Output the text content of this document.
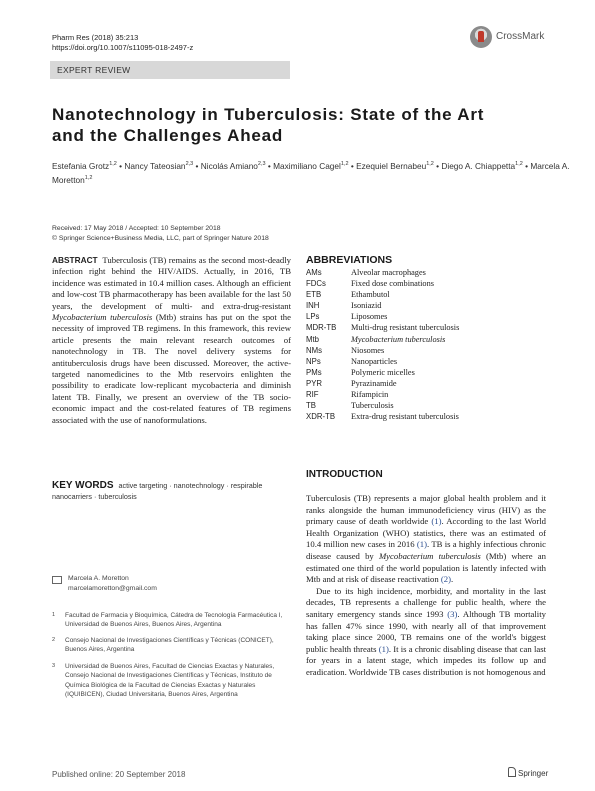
Pharm Res (2018) 35:213
https://doi.org/10.1007/s11095-018-2497-z
CrossMark
EXPERT REVIEW
Nanotechnology in Tuberculosis: State of the Art
and the Challenges Ahead
Estefania Grotz$^{1,2}$ • Nancy Tateosian$^{2,3}$ • Nicolás Amiano$^{2,3}$ • Maximiliano Cagel$^{1,2}$ • Ezequiel Bernabeu$^{1,2}$ • Diego A. Chiappetta$^{1,2}$ • Marcela A. Moretton$^{1,2}$
Received: 17 May 2018 / Accepted: 10 September 2018
© Springer Science+Business Media, LLC, part of Springer Nature 2018
ABSTRACT Tuberculosis (TB) remains as the second most-deadly infection right behind the HIV/AIDS. Actually, in 2016, TB incidence was estimated in 10.4 million cases. Although an efficient and low-cost TB pharmacotherapy has been available for the last 50 years, the development of multi- and extra-drug-resistant Mycobacterium tuberculosis (Mtb) strains has put on the spot the necessity of improved TB regimens. In this framework, this review article presents the main relevant research outcomes of nanotechnology in TB. The novel delivery systems for antituberculosis drugs have been discussed. Moreover, the active-targeted nanomedicines to the Mtb reservoirs enlighten the possibility to eradicate low-replicant mycobacteria and diminish latent TB. Finally, we present an overview of the TB socio-economic impact and the cost-related features of TB regimens associated with the use of nanoformulations.
KEY WORDS active targeting · nanotechnology · respirable nanocarriers · tuberculosis
Marcela A. Moretton
marcelamoretton@gmail.com
1 Facultad de Farmacia y Bioquímica, Cátedra de Tecnología Farmacéutica I, Universidad de Buenos Aires, Buenos Aires, Argentina
2 Consejo Nacional de Investigaciones Científicas y Técnicas (CONICET), Buenos Aires, Argentina
3 Universidad de Buenos Aires, Facultad de Ciencias Exactas y Naturales, Consejo Nacional de Investigaciones Científicas y Técnicas, Instituto de Química Biológica de la Facultad de Ciencias Exactas y Naturales (IQUIBICEN), Ciudad Universitaria, Buenos Aires, Argentina
ABBREVIATIONS
AMs	Alveolar macrophages
FDCs	Fixed dose combinations
ETB	Ethambutol
INH	Isoniazid
LPs	Liposomes
MDR-TB Multi-drug resistant tuberculosis
Mtb	Mycobacterium tuberculosis
NMs	Niosomes
NPs	Nanoparticles
PMs	Polymeric micelles
PYR	Pyrazinamide
RIF	Rifampicin
TB	Tuberculosis
XDR-TB Extra-drug resistant tuberculosis
INTRODUCTION

Tuberculosis (TB) represents a major global health problem and it ranks alongside the human immunodeficiency virus (HIV) as the primary cause of death worldwide (1). According to the last World Health Organization (WHO) statistics, there was an estimated of 10.4 million new cases in 2016 (1). TB is a highly infectious chronic disease caused by Mycobacterium tuberculosis (Mtb) where an estimated one third of the world population is latently infected with Mtb and at risk of disease reactivation (2).

Due to its high incidence, morbidity, and mortality in the last decades, TB represents a challenge for public health, where the sanitary emergency stands since 1993 (3). Although TB mortality has fallen 47% since 1990, with nearly all of that improvement taking place since 2000, TB remains one of the world's biggest public health threats (1). It is a chronic disabling disease that can last for years in a latent stage, which impedes its follow up and eradication. Worldwide TB cases distribution is not homogenous and

Published online: 20 September 2018	Springer
